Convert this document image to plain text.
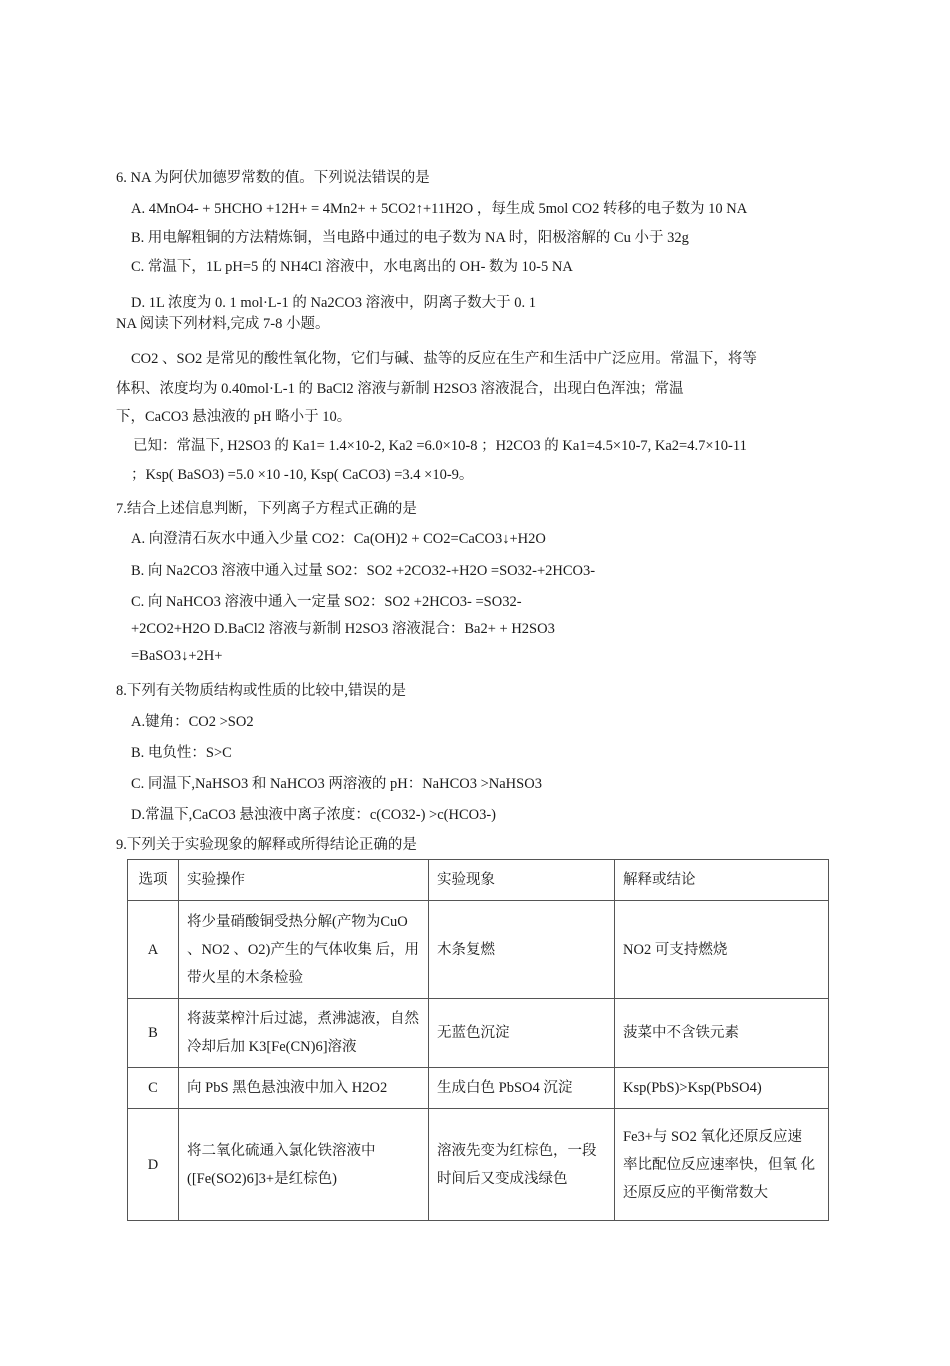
6. NA 为阿伏加德罗常数的值。下列说法错误的是
A. 4MnO4- + 5HCHO +12H+ = 4Mn2+ + 5CO2↑+11H2O ，每生成 5mol CO2 转移的电子数为 10 NA
B. 用电解粗铜的方法精炼铜，当电路中通过的电子数为 NA 时，阳极溶解的 Cu 小于 32g
C. 常温下，1L pH=5 的 NH4Cl 溶液中，水电离出的 OH- 数为 10-5 NA
D. 1L 浓度为 0. 1 mol·L-1 的 Na2CO3 溶液中，阴离子数大于 0. 1
NA 阅读下列材料,完成 7-8 小题。
CO2 、SO2 是常见的酸性氧化物，它们与碱、盐等的反应在生产和生活中广泛应用。常温下，将等
体积、浓度均为 0.40mol·L-1 的 BaCl2 溶液与新制 H2SO3 溶液混合，出现白色浑浊；常温
下，CaCO3 悬浊液的 pH 略小于 10。
已知：常温下, H2SO3 的 Ka1= 1.4×10-2, Ka2 =6.0×10-8 ；H2CO3 的 Ka1=4.5×10-7, Ka2=4.7×10-11
；Ksp( BaSO3) =5.0 ×10 -10, Ksp( CaCO3) =3.4 ×10-9。
7.结合上述信息判断，下列离子方程式正确的是
A. 向澄清石灰水中通入少量 CO2：Ca(OH)2 + CO2=CaCO3↓+H2O
B. 向 Na2CO3 溶液中通入过量 SO2：SO2 +2CO32-+H2O =SO32-+2HCO3-
C. 向 NaHCO3 溶液中通入一定量 SO2：SO2 +2HCO3- =SO32-
+2CO2+H2O D.BaCl2 溶液与新制 H2SO3 溶液混合：Ba2+ + H2SO3
=BaSO3↓+2H+
8.下列有关物质结构或性质的比较中,错误的是
A.键角：CO2 >SO2
B. 电负性：S>C
C. 同温下,NaHSO3 和 NaHCO3 两溶液的 pH：NaHCO3 >NaHSO3
D.常温下,CaCO3 悬浊液中离子浓度：c(CO32-) >c(HCO3-)
9.下列关于实验现象的解释或所得结论正确的是
选项	实验操作	实验现象	解释或结论
A	将少量硝酸铜受热分解(产物为CuO 、NO2 、O2)产生的气体收集 后，用带火星的木条检验	木条复燃	NO2 可支持燃烧
B	将菠菜榨汁后过滤，煮沸滤液，自然冷却后加 K3[Fe(CN)6]溶液	无蓝色沉淀	菠菜中不含铁元素
C	向 PbS 黑色悬浊液中加入 H2O2	生成白色 PbSO4 沉淀	Ksp(PbS)>Ksp(PbSO4)
D	将二氧化硫通入氯化铁溶液中([Fe(SO2)6]3+是红棕色)	溶液先变为红棕色，一段时间后又变成浅绿色	Fe3+与 SO2 氧化还原反应速 率比配位反应速率快，但氧 化还原反应的平衡常数大
